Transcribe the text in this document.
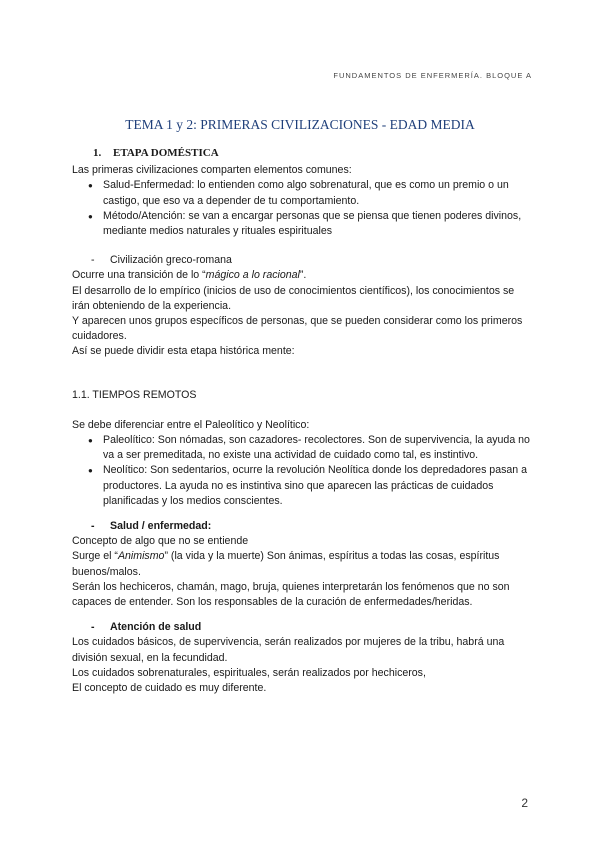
FUNDAMENTOS DE ENFERMERÍA. BLOQUE A
TEMA 1 y 2: PRIMERAS CIVILIZACIONES - EDAD MEDIA
1. ETAPA DOMÉSTICA

Las primeras civilizaciones comparten elementos comunes:

● Salud-Enfermedad: lo entienden como algo sobrenatural, que es como un premio o un castigo, que eso va a depender de tu comportamiento.
● Método/Atención: se van a encargar personas que se piensa que tienen poderes divinos, mediante medios naturales y rituales espirituales
- Civilización greco-romana

Ocurre una transición de lo “mágico a lo racional”.

El desarrollo de lo empírico (inicios de uso de conocimientos científicos), los conocimientos se irán obteniendo de la experiencia.

Y aparecen unos grupos específicos de personas, que se pueden considerar como los primeros cuidadores.

Así se puede dividir esta etapa histórica mente:

1.1. TIEMPOS REMOTOS

Se debe diferenciar entre el Paleolítico y Neolítico:

● Paleolítico: Son nómadas, son cazadores- recolectores. Son de supervivencia, la ayuda no va a ser premeditada, no existe una actividad de cuidado como tal, es instintivo.
● Neolítico: Son sedentarios, ocurre la revolución Neolítica donde los depredadores pasan a productores. La ayuda no es instintiva sino que aparecen las prácticas de cuidados planificadas y los medios conscientes.
- Salud / enfermedad:

Concepto de algo que no se entiende

Surge el “Animismo” (la vida y la muerte) Son ánimas, espíritus a todas las cosas, espíritus buenos/malos.

Serán los hechiceros, chamán, mago, bruja, quienes interpretarán los fenómenos que no son capaces de entender. Son los responsables de la curación de enfermedades/heridas.

- Atención de salud

Los cuidados básicos, de supervivencia, serán realizados por mujeres de la tribu, habrá una división sexual, en la fecundidad.

Los cuidados sobrenaturales, espirituales, serán realizados por hechiceros,

El concepto de cuidado es muy diferente.

2
